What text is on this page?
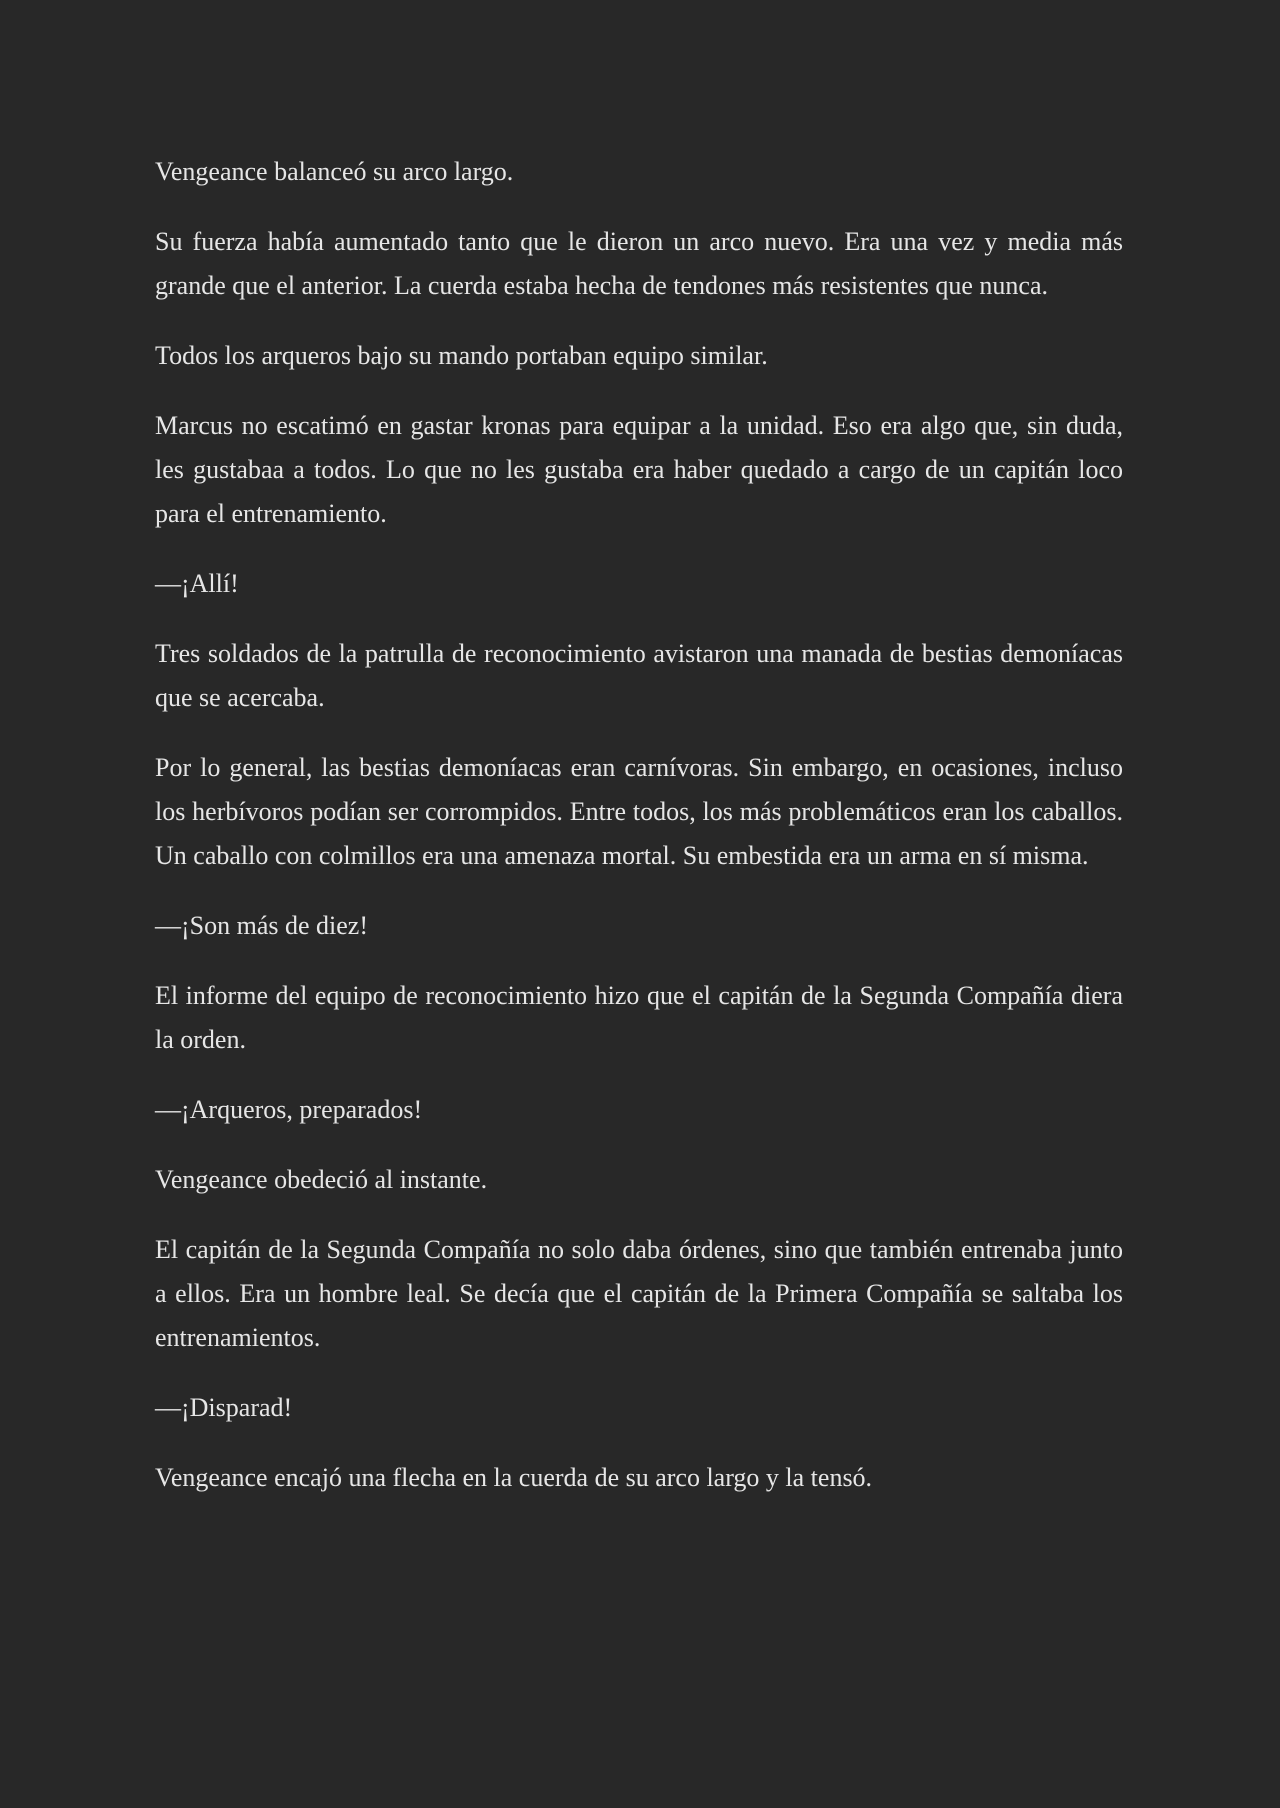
Vengeance balanceó su arco largo.

Su fuerza había aumentado tanto que le dieron un arco nuevo. Era una vez y media más grande que el anterior. La cuerda estaba hecha de tendones más resistentes que nunca.

Todos los arqueros bajo su mando portaban equipo similar.

Marcus no escatimó en gastar kronas para equipar a la unidad. Eso era algo que, sin duda, les gustabaa a todos. Lo que no les gustaba era haber quedado a cargo de un capitán loco para el entrenamiento.

—¡Allí!

Tres soldados de la patrulla de reconocimiento avistaron una manada de bestias demoníacas que se acercaba.

Por lo general, las bestias demoníacas eran carnívoras. Sin embargo, en ocasiones, incluso los herbívoros podían ser corrompidos. Entre todos, los más problemáticos eran los caballos. Un caballo con colmillos era una amenaza mortal. Su embestida era un arma en sí misma.

—¡Son más de diez!

El informe del equipo de reconocimiento hizo que el capitán de la Segunda Compañía diera la orden.

—¡Arqueros, preparados!

Vengeance obedeció al instante.

El capitán de la Segunda Compañía no solo daba órdenes, sino que también entrenaba junto a ellos. Era un hombre leal. Se decía que el capitán de la Primera Compañía se saltaba los entrenamientos.

—¡Disparad!

Vengeance encajó una flecha en la cuerda de su arco largo y la tensó.
